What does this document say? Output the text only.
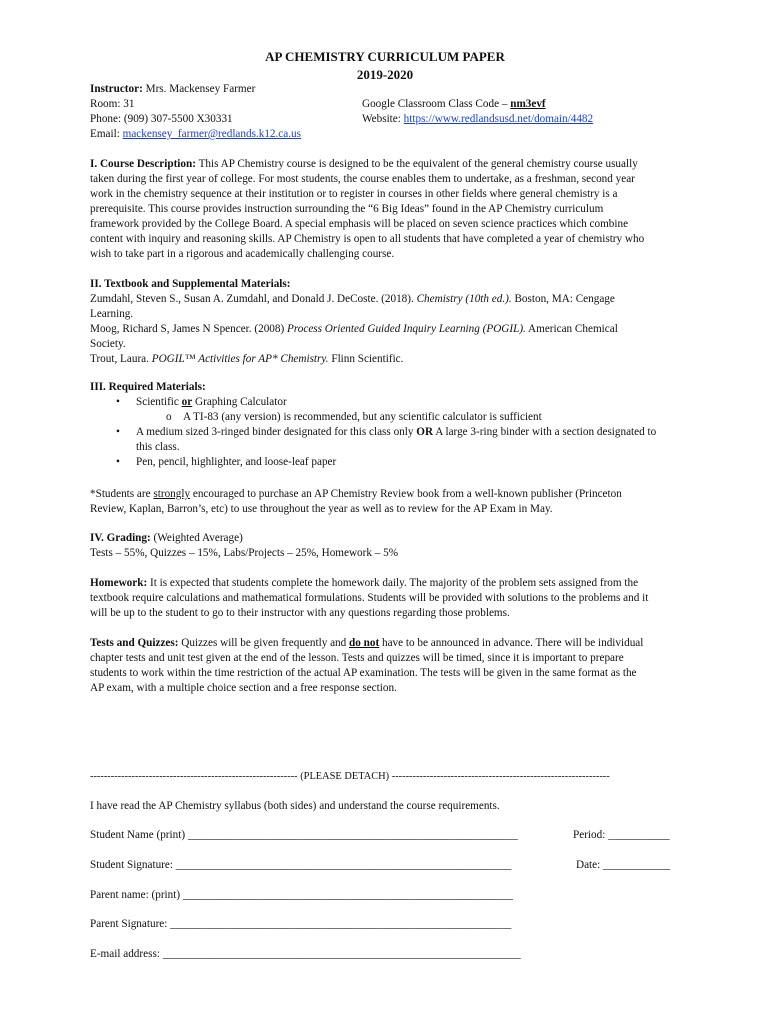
AP CHEMISTRY CURRICULUM PAPER
2019-2020
Instructor: Mrs. Mackensey Farmer
Room: 31
Phone: (909) 307-5500 X30331
Email: mackensey_farmer@redlands.k12.ca.us
Google Classroom Class Code – nm3evf
Website: https://www.redlandsusd.net/domain/4482
I. Course Description: This AP Chemistry course is designed to be the equivalent of the general chemistry course usually
taken during the first year of college. For most students, the course enables them to undertake, as a freshman, second year
work in the chemistry sequence at their institution or to register in courses in other fields where general chemistry is a
prerequisite. This course provides instruction surrounding the “6 Big Ideas” found in the AP Chemistry curriculum
framework provided by the College Board. A special emphasis will be placed on seven science practices which combine
content with inquiry and reasoning skills. AP Chemistry is open to all students that have completed a year of chemistry who
wish to take part in a rigorous and academically challenging course.
II. Textbook and Supplemental Materials:
Zumdahl, Steven S., Susan A. Zumdahl, and Donald J. DeCoste. (2018). Chemistry (10th ed.). Boston, MA: Cengage
Learning.
Moog, Richard S, James N Spencer. (2008) Process Oriented Guided Inquiry Learning (POGIL). American Chemical
Society.
Trout, Laura. POGIL™ Activities for AP* Chemistry. Flinn Scientific.
III. Required Materials:
• Scientific or Graphing Calculator
o A TI-83 (any version) is recommended, but any scientific calculator is sufficient
• A medium sized 3-ringed binder designated for this class only OR A large 3-ring binder with a section designated to
this class.
• Pen, pencil, highlighter, and loose-leaf paper
*Students are strongly encouraged to purchase an AP Chemistry Review book from a well-known publisher (Princeton
Review, Kaplan, Barron’s, etc) to use throughout the year as well as to review for the AP Exam in May.
IV. Grading: (Weighted Average)
Tests – 55%, Quizzes – 15%, Labs/Projects – 25%, Homework – 5%
Homework: It is expected that students complete the homework daily. The majority of the problem sets assigned from the
textbook require calculations and mathematical formulations. Students will be provided with solutions to the problems and it
will be up to the student to go to their instructor with any questions regarding those problems.
Tests and Quizzes: Quizzes will be given frequently and do not have to be announced in advance. There will be individual
chapter tests and unit test given at the end of the lesson. Tests and quizzes will be timed, since it is important to prepare
students to work within the time restriction of the actual AP examination. The tests will be given in the same format as the
AP exam, with a multiple choice section and a free response section.
------------------------------------------------------------ (PLEASE DETACH) ---------------------------------------------------------------
I have read the AP Chemistry syllabus (both sides) and understand the course requirements.
Student Name (print) ___________________________________________________________	Period: ___________
Student Signature: ____________________________________________________________	Date: ____________
Parent name: (print) ___________________________________________________________
Parent Signature: _____________________________________________________________
E-mail address: ________________________________________________________________
